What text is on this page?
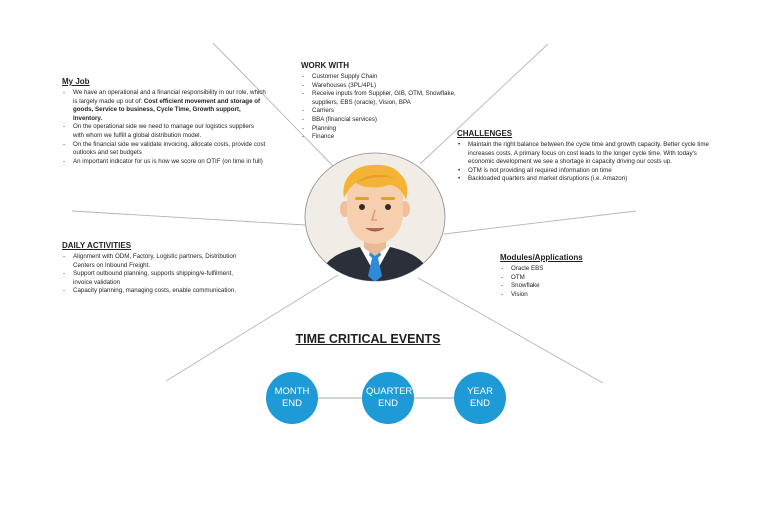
My Job
- We have an operational and a financial responsibility in our role, which is largely made up out of: Cost efficient movement and storage of goods, Service to business, Cycle Time, Growth support, Inventory.
- On the operational side we need to manage our logistics suppliers with whom we fulfill a global distribution model.
- On the financial side we validate invoicing, allocate costs, provide cost outlooks and set budgets
- An important indicator for us is how we score on OTIF (on time in full)
WORK WITH
- Customer Supply Chain
- Warehouses (3PL/4PL)
- Receive inputs from Supplier, GIB, OTM, Snowflake, suppliers, EBS (oracle), Vision, BPA
- Carriers
- BBA (financial services)
- Planning
- Finance	CHALLENGES
• Maintain the right balance between the cycle time and growth capacity. Better cycle time increases costs. A primary focus on cost leads to the longer cycle time. With today's economic development we see a shortage in capacity driving our costs up.
• OTM is not providing all required information on time
• Backloaded quarters and market disruptions (i.e. Amazon)
DAILY ACTIVITIES
- Alignment with ODM, Factory, Logistic partners, Distribution Centers on Inbound Freight.
- Support outbound planning, supports shipping/e-fulfilment, invoice validation
- Capacity planning, managing costs, enable communication.
Modules/Applications
- Oracle EBS
- OTM
- Snowflake
- Vision
TIME CRITICAL EVENTS
MONTH
END
QUARTER
END
YEAR
END
